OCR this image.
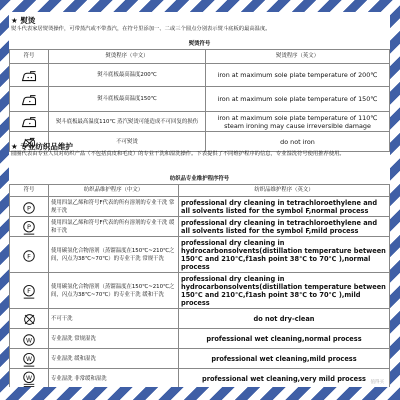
★ 熨烫
熨斗代表家居熨烫操作，可带蒸汽或不带蒸汽，在符号里添加一、二或三个圆点分别表示熨斗底板的最高温度。
熨烫符号
符号	熨烫程序（中文）	熨烫程序（英文）
	熨斗底板最高温度200℃	iron at maximum sole plate temperature of 200℃
	熨斗底板最高温度150℃	iron at maximum sole plate temperature of 150℃
	熨斗底板最高温度110℃ 蒸汽熨烫可能造成不可回复的损伤	iron at maximum sole plate temperature of 110℃ steam ironing may cause irreversible damage
	不可熨烫	do not iron
★ 专业纺织品维护
圆圈代表由专业人员对纺织产品（不包括真皮和毛皮）的专业干洗和湿洗操作。下表提供了不同维护程序的信息，专业湿洗符号使用推荐使用。
纺织品专业维护程序符号
符号	纺织品维护程序（中文）	纺织品维护程序（英文）

P	使用四氯乙烯和符号F代表的所有溶剂的专业干洗 常规干洗	professional dry cleaning in tetrachloroethylene and all solvents listed for the symbol F,normal process

P	使用四氯乙烯和符号F代表的所有溶剂的专业干洗 缓和干洗	professional dry cleaning in tetrachloroethylene and all solvents listed for the symbol F,mild process

F	使用碳氢化合物溶剂（蒸馏温度在150℃~210℃之间，闪点为38℃~70℃）的专业干洗 常规干洗	professional dry cleaning in hydrocarbonsolvents(distillation temperature between 150℃ and 210℃,f1ash point 38℃ to 70℃ ),normal process

F	使用碳氢化合物溶剂（蒸馏温度在150℃~210℃之间，闪点为38℃~70℃）的专业干洗 缓和干洗	professional dry cleaning in hydrocarbonsolvents(distillation temperature between 150℃ and 210℃,f1ash point 38℃ to 70℃ ),mild process
	不可干洗	do not dry-clean

W	专业湿洗 常规湿洗	professional wet cleaning,normal process

W	专业湿洗 缓和湿洗	professional wet cleaning,mild process

W	专业湿洗 非常缓和湿洗	professional wet cleaning,very mild process 值得买
